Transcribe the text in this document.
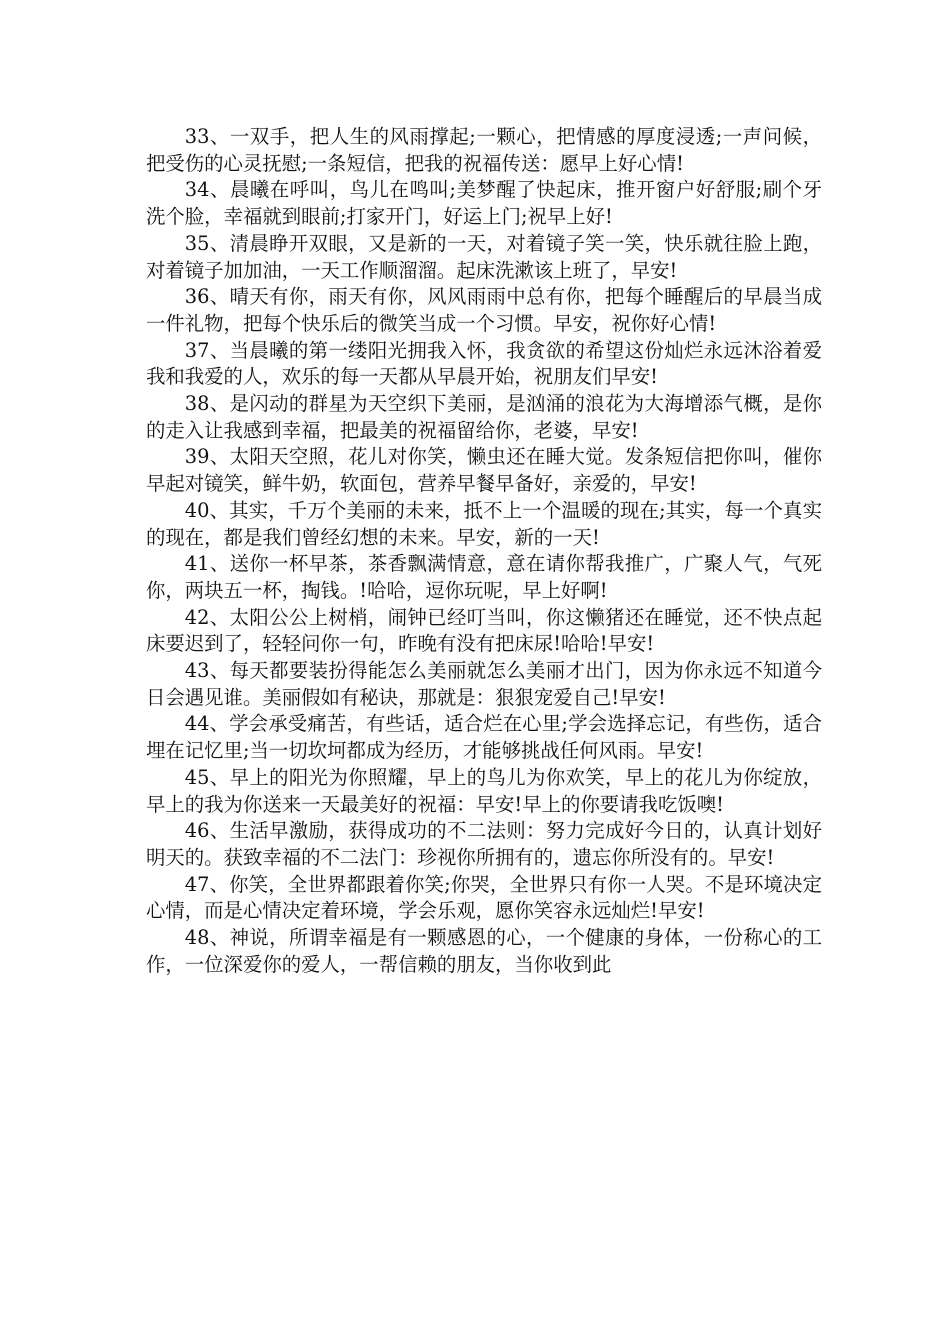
33、一双手，把人生的风雨撑起;一颗心，把情感的厚度浸透;一声问候，把受伤的心灵抚慰;一条短信，把我的祝福传送：愿早上好心情!

34、晨曦在呼叫，鸟儿在鸣叫;美梦醒了快起床，推开窗户好舒服;刷个牙洗个脸，幸福就到眼前;打家开门，好运上门;祝早上好!

35、清晨睁开双眼，又是新的一天，对着镜子笑一笑，快乐就往脸上跑，对着镜子加加油，一天工作顺溜溜。起床洗漱该上班了，早安!

36、晴天有你，雨天有你，风风雨雨中总有你，把每个睡醒后的早晨当成一件礼物，把每个快乐后的微笑当成一个习惯。早安，祝你好心情!

37、当晨曦的第一缕阳光拥我入怀，我贪欲的希望这份灿烂永远沐浴着爱我和我爱的人，欢乐的每一天都从早晨开始，祝朋友们早安!

38、是闪动的群星为天空织下美丽，是汹涌的浪花为大海增添气概，是你的走入让我感到幸福，把最美的祝福留给你，老婆，早安!

39、太阳天空照，花儿对你笑，懒虫还在睡大觉。发条短信把你叫，催你早起对镜笑，鲜牛奶，软面包，营养早餐早备好，亲爱的，早安!

40、其实，千万个美丽的未来，抵不上一个温暖的现在;其实，每一个真实的现在，都是我们曾经幻想的未来。早安，新的一天!

41、送你一杯早茶，茶香飘满情意，意在请你帮我推广，广聚人气，气死你，两块五一杯，掏钱。!哈哈，逗你玩呢，早上好啊!

42、太阳公公上树梢，闹钟已经叮当叫，你这懒猪还在睡觉，还不快点起床要迟到了，轻轻问你一句，昨晚有没有把床尿!哈哈!早安!

43、每天都要装扮得能怎么美丽就怎么美丽才出门，因为你永远不知道今日会遇见谁。美丽假如有秘诀，那就是：狠狠宠爱自己!早安!

44、学会承受痛苦，有些话，适合烂在心里;学会选择忘记，有些伤，适合埋在记忆里;当一切坎坷都成为经历，才能够挑战任何风雨。早安!

45、早上的阳光为你照耀，早上的鸟儿为你欢笑，早上的花儿为你绽放，早上的我为你送来一天最美好的祝福：早安!早上的你要请我吃饭噢!

46、生活早激励，获得成功的不二法则：努力完成好今日的，认真计划好明天的。获致幸福的不二法门：珍视你所拥有的，遗忘你所没有的。早安!

47、你笑，全世界都跟着你笑;你哭，全世界只有你一人哭。不是环境决定心情，而是心情决定着环境，学会乐观，愿你笑容永远灿烂!早安!

48、神说，所谓幸福是有一颗感恩的心，一个健康的身体，一份称心的工作，一位深爱你的爱人，一帮信赖的朋友，当你收到此
